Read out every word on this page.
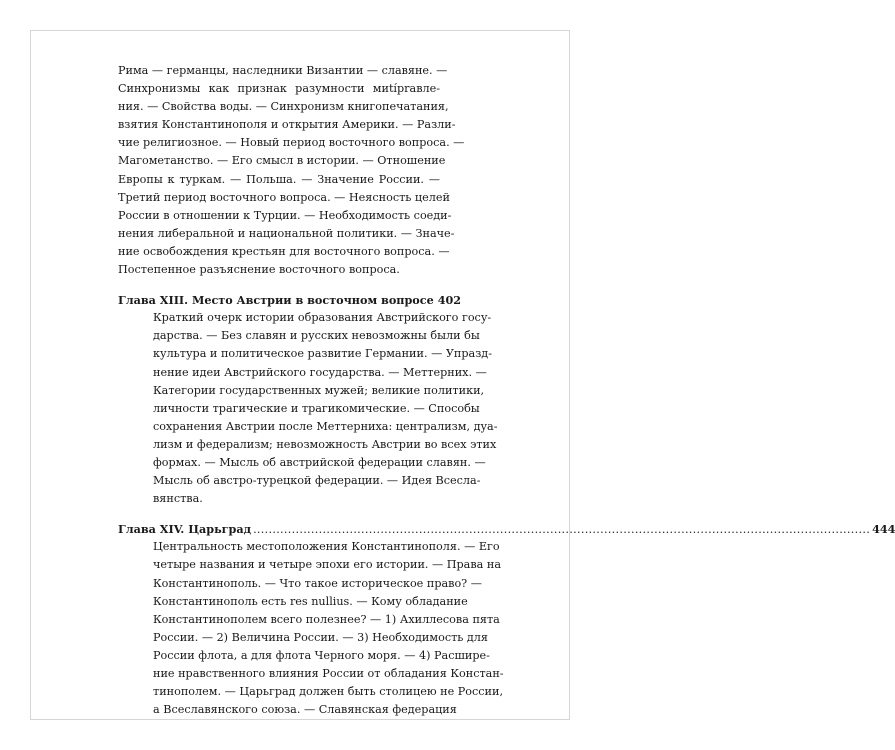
Рима — германцы, наследники Византии — славяне. —
Синхронизмы как признак разумности миtíprавле-
ния. — Свойства воды. — Синхронизм книгопечатания,
взятия Константинополя и открытия Америки. — Разли-
чие религиозное. — Новый период восточного вопроса. —
Магометанство. — Его смысл в истории. — Отношение
Европы к туркам. — Польша. — Значение России. —
Третий период восточного вопроса. — Неясность целей
России в отношении к Турции. — Необходимость соеди-
нения либеральной и национальной политики. — Значе-
ние освобождения крестьян для восточного вопроса. —
Постепенное разъяснение восточного вопроса.
Глава XIII. Место Австрии в восточном вопросе 402
Краткий очерк истории образования Австрийского госу-
дарства. — Без славян и русских невозможны были бы
культура и политическое развитие Германии. — Упразд-
нение идеи Австрийского государства. — Меттерних. —
Категории государственных мужей; великие политики,
личности трагические и трагикомические. — Способы
сохранения Австрии после Меттерниха: централизм, дуа-
лизм и федерализм; невозможность Австрии во всех этих
формах. — Мысль об австрийской федерации славян. —
Мысль об австро-турецкой федерации. — Идея Всесла-
вянства.
Глава XIV. Царьград
.....	444
Центральность местоположения Константинополя. — Его
четыре названия и четыре эпохи его истории. — Права на
Константинополь. — Что такое историческое право? —
Константинополь есть res nullius. — Кому обладание
Константинополем всего полезнее? — 1) Ахиллесова пята
России. — 2) Величина России. — 3) Необходимость для
России флота, а для флота Черного моря. — 4) Расшире-
ние нравственного влияния России от обладания Констан-
тинополем. — Царьград должен быть столицею не России,
а Всеславянского союза. — Славянская федерация
